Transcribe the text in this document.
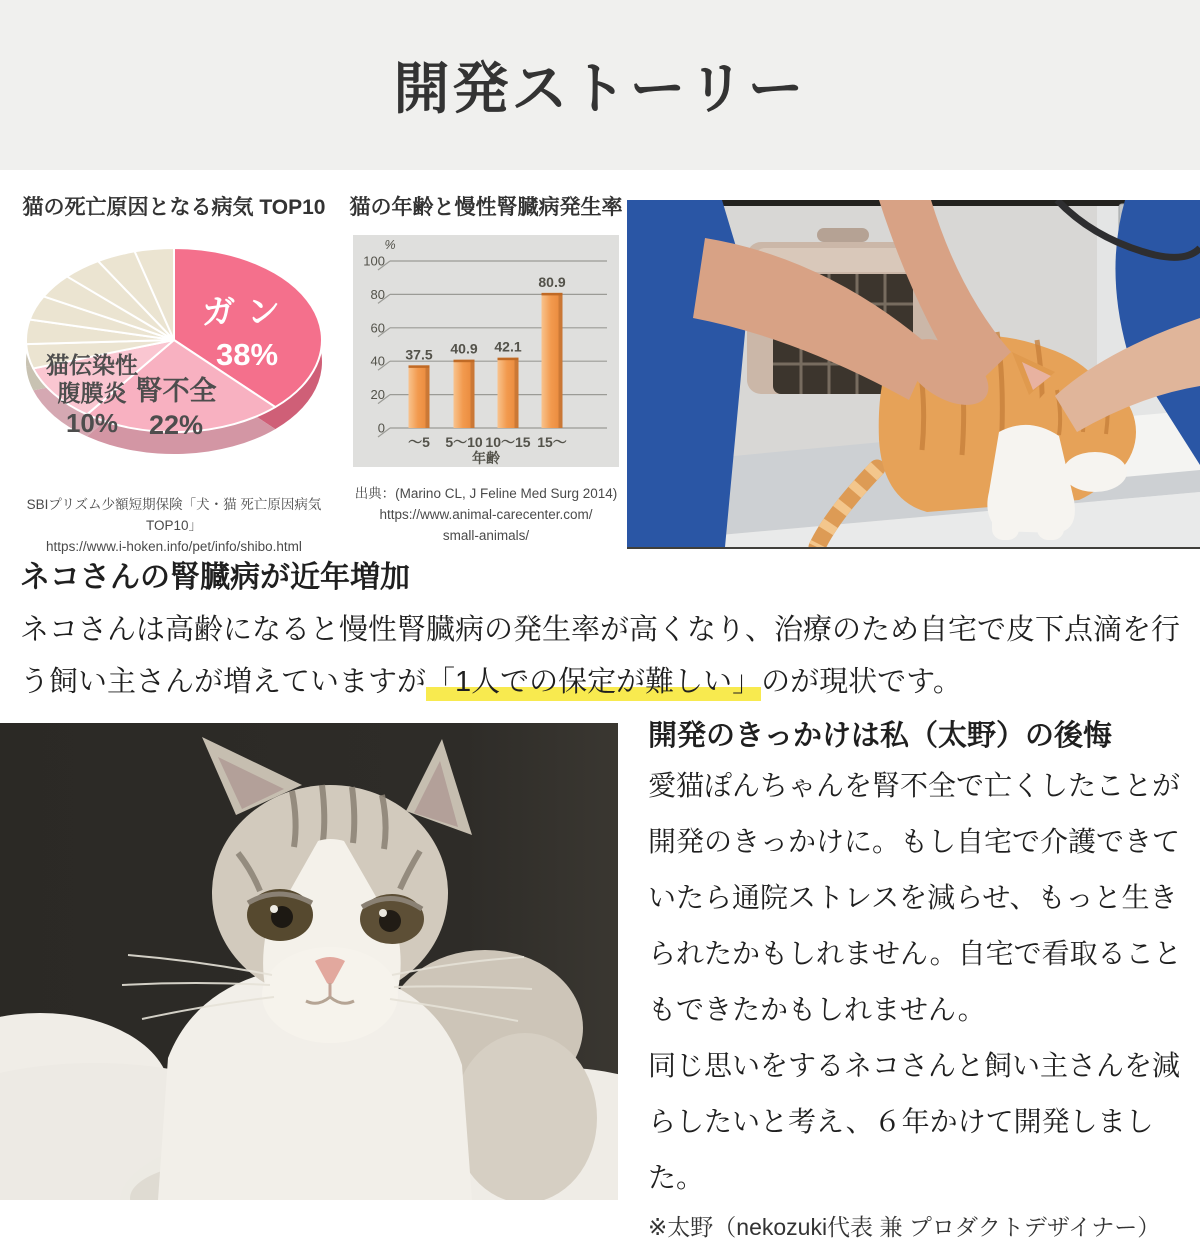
開発ストーリー
猫の死亡原因となる病気 TOP10
ガン
38%
腎不全
22%
猫伝染性
腹膜炎
10%
SBIプリズム少額短期保険「犬・猫 死亡原因病気TOP10」
https://www.i-hoken.info/pet/info/shibo.html
猫の年齢と慢性腎臓病発生率
0
20
40
60
80
100
%
37.5
～5
40.9
5～10
42.1
10～15
80.9
15～
年齢
出典：(Marino CL, J Feline Med Surg 2014)
https://www.animal-carecenter.com/
small-animals/
ネコさんの腎臓病が近年増加
ネコさんは高齢になると慢性腎臓病の発生率が高くなり、治療のため自宅で皮下点滴を行う飼い主さんが増えていますが「1人での保定が難しい」のが現状です。
開発のきっかけは私（太野）の後悔
愛猫ぽんちゃんを腎不全で亡くしたことが開発のきっかけに。もし自宅で介護できていたら通院ストレスを減らせ、もっと生きられたかもしれません。自宅で看取ることもできたかもしれません。
同じ思いをするネコさんと飼い主さんを減らしたいと考え、６年かけて開発しました。
※太野（nekozuki代表 兼 プロダクトデザイナー）
